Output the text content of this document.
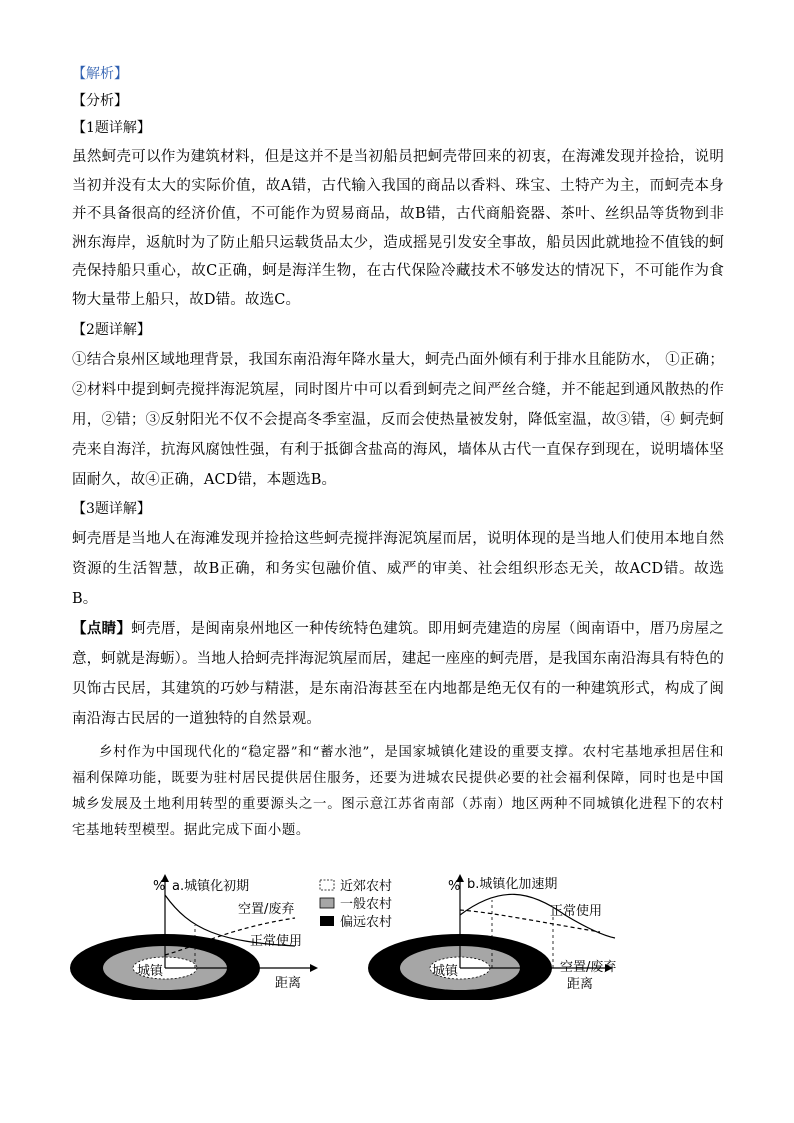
【解析】

【分析】

【1题详解】

虽然蚵壳可以作为建筑材料，但是这并不是当初船员把蚵壳带回来的初衷，在海滩发现并捡拾，说明当初并没有太大的实际价值，故A错，古代输入我国的商品以香料、珠宝、土特产为主，而蚵壳本身并不具备很高的经济价值，不可能作为贸易商品，故B错，古代商船瓷器、茶叶、丝织品等货物到非洲东海岸，返航时为了防止船只运载货品太少，造成摇晃引发安全事故，船员因此就地捡不值钱的蚵壳保持船只重心，故C正确，蚵是海洋生物，在古代保险冷藏技术不够发达的情况下，不可能作为食物大量带上船只，故D错。故选C。

【2题详解】

①结合泉州区域地理背景，我国东南沿海年降水量大，蚵壳凸面外倾有利于排水且能防水， ①正确；②材料中提到蚵壳搅拌海泥筑屋，同时图片中可以看到蚵壳之间严丝合缝，并不能起到通风散热的作用，②错；③反射阳光不仅不会提高冬季室温，反而会使热量被发射，降低室温，故③错，④ 蚵壳蚵壳来自海洋，抗海风腐蚀性强，有利于抵御含盐高的海风，墙体从古代一直保存到现在，说明墙体坚固耐久，故④正确，ACD错，本题选B。

【3题详解】

蚵壳厝是当地人在海滩发现并捡拾这些蚵壳搅拌海泥筑屋而居，说明体现的是当地人们使用本地自然资源的生活智慧，故B正确，和务实包融价值、威严的审美、社会组织形态无关，故ACD错。故选B。

【点睛】蚵壳厝，是闽南泉州地区一种传统特色建筑。即用蚵壳建造的房屋（闽南语中，厝乃房屋之意，蚵就是海蛎）。当地人拾蚵壳拌海泥筑屋而居，建起一座座的蚵壳厝，是我国东南沿海具有特色的贝饰古民居，其建筑的巧妙与精湛，是东南沿海甚至在内地都是绝无仅有的一种建筑形式，构成了闽南沿海古民居的一道独特的自然景观。

乡村作为中国现代化的“稳定器”和“蓄水池”，是国家城镇化建设的重要支撑。农村宅基地承担居住和福利保障功能，既要为驻村居民提供居住服务，还要为进城农民提供必要的社会福利保障，同时也是中国城乡发展及土地利用转型的重要源头之一。图示意江苏省南部（苏南）地区两种不同城镇化进程下的农村宅基地转型模型。据此完成下面小题。

% a.城镇化初期
空置/废弃
正常使用
城镇
距离
近郊农村
一般农村
偏远农村
% b.城镇化加速期
正常使用
空置/废弃
城镇
距离
